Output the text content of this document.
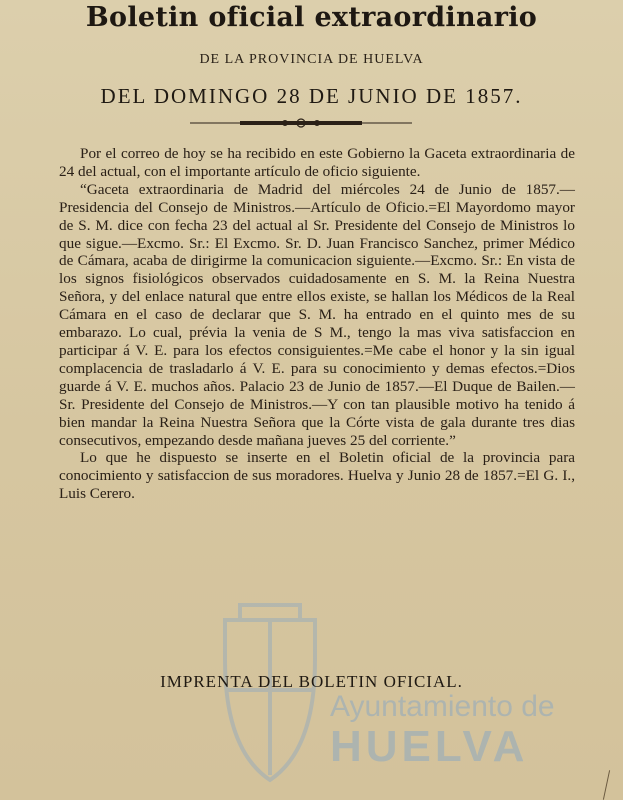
Boletin oficial extraordinario
DE LA PROVINCIA DE HUELVA
DEL DOMINGO 28 DE JUNIO DE 1857.

Por el correo de hoy se ha recibido en este Gobierno la Gaceta extraordinaria de 24 del actual, con el importante artículo de oficio siguiente.

“Gaceta extraordinaria de Madrid del miércoles 24 de Junio de 1857.—Presidencia del Consejo de Ministros.—Artículo de Oficio.=El Mayordomo mayor de S. M. dice con fecha 23 del actual al Sr. Presidente del Consejo de Ministros lo que sigue.—Excmo. Sr.: El Excmo. Sr. D. Juan Francisco Sanchez, primer Médico de Cámara, acaba de dirigirme la comunicacion siguiente.—Excmo. Sr.: En vista de los signos fisiológicos observados cuidadosamente en S. M. la Reina Nuestra Señora, y del enlace natural que entre ellos existe, se hallan los Médicos de la Real Cámara en el caso de declarar que S. M. ha entrado en el quinto mes de su embarazo. Lo cual, prévia la venia de S M., tengo la mas viva satisfaccion en participar á V. E. para los efectos consiguientes.=Me cabe el honor y la sin igual complacencia de trasladarlo á V. E. para su conocimiento y demas efectos.=Dios guarde á V. E. muchos años. Palacio 23 de Junio de 1857.—El Duque de Bailen.—Sr. Presidente del Consejo de Ministros.—Y con tan plausible motivo ha tenido á bien mandar la Reina Nuestra Señora que la Córte vista de gala durante tres dias consecutivos, empezando desde mañana jueves 25 del corriente.”

Lo que he dispuesto se inserte en el Boletin oficial de la provincia para conocimiento y satisfaccion de sus moradores. Huelva y Junio 28 de 1857.=El G. I., Luis Cerero.

Ayuntamiento de
HUELVA
IMPRENTA DEL BOLETIN OFICIAL.
